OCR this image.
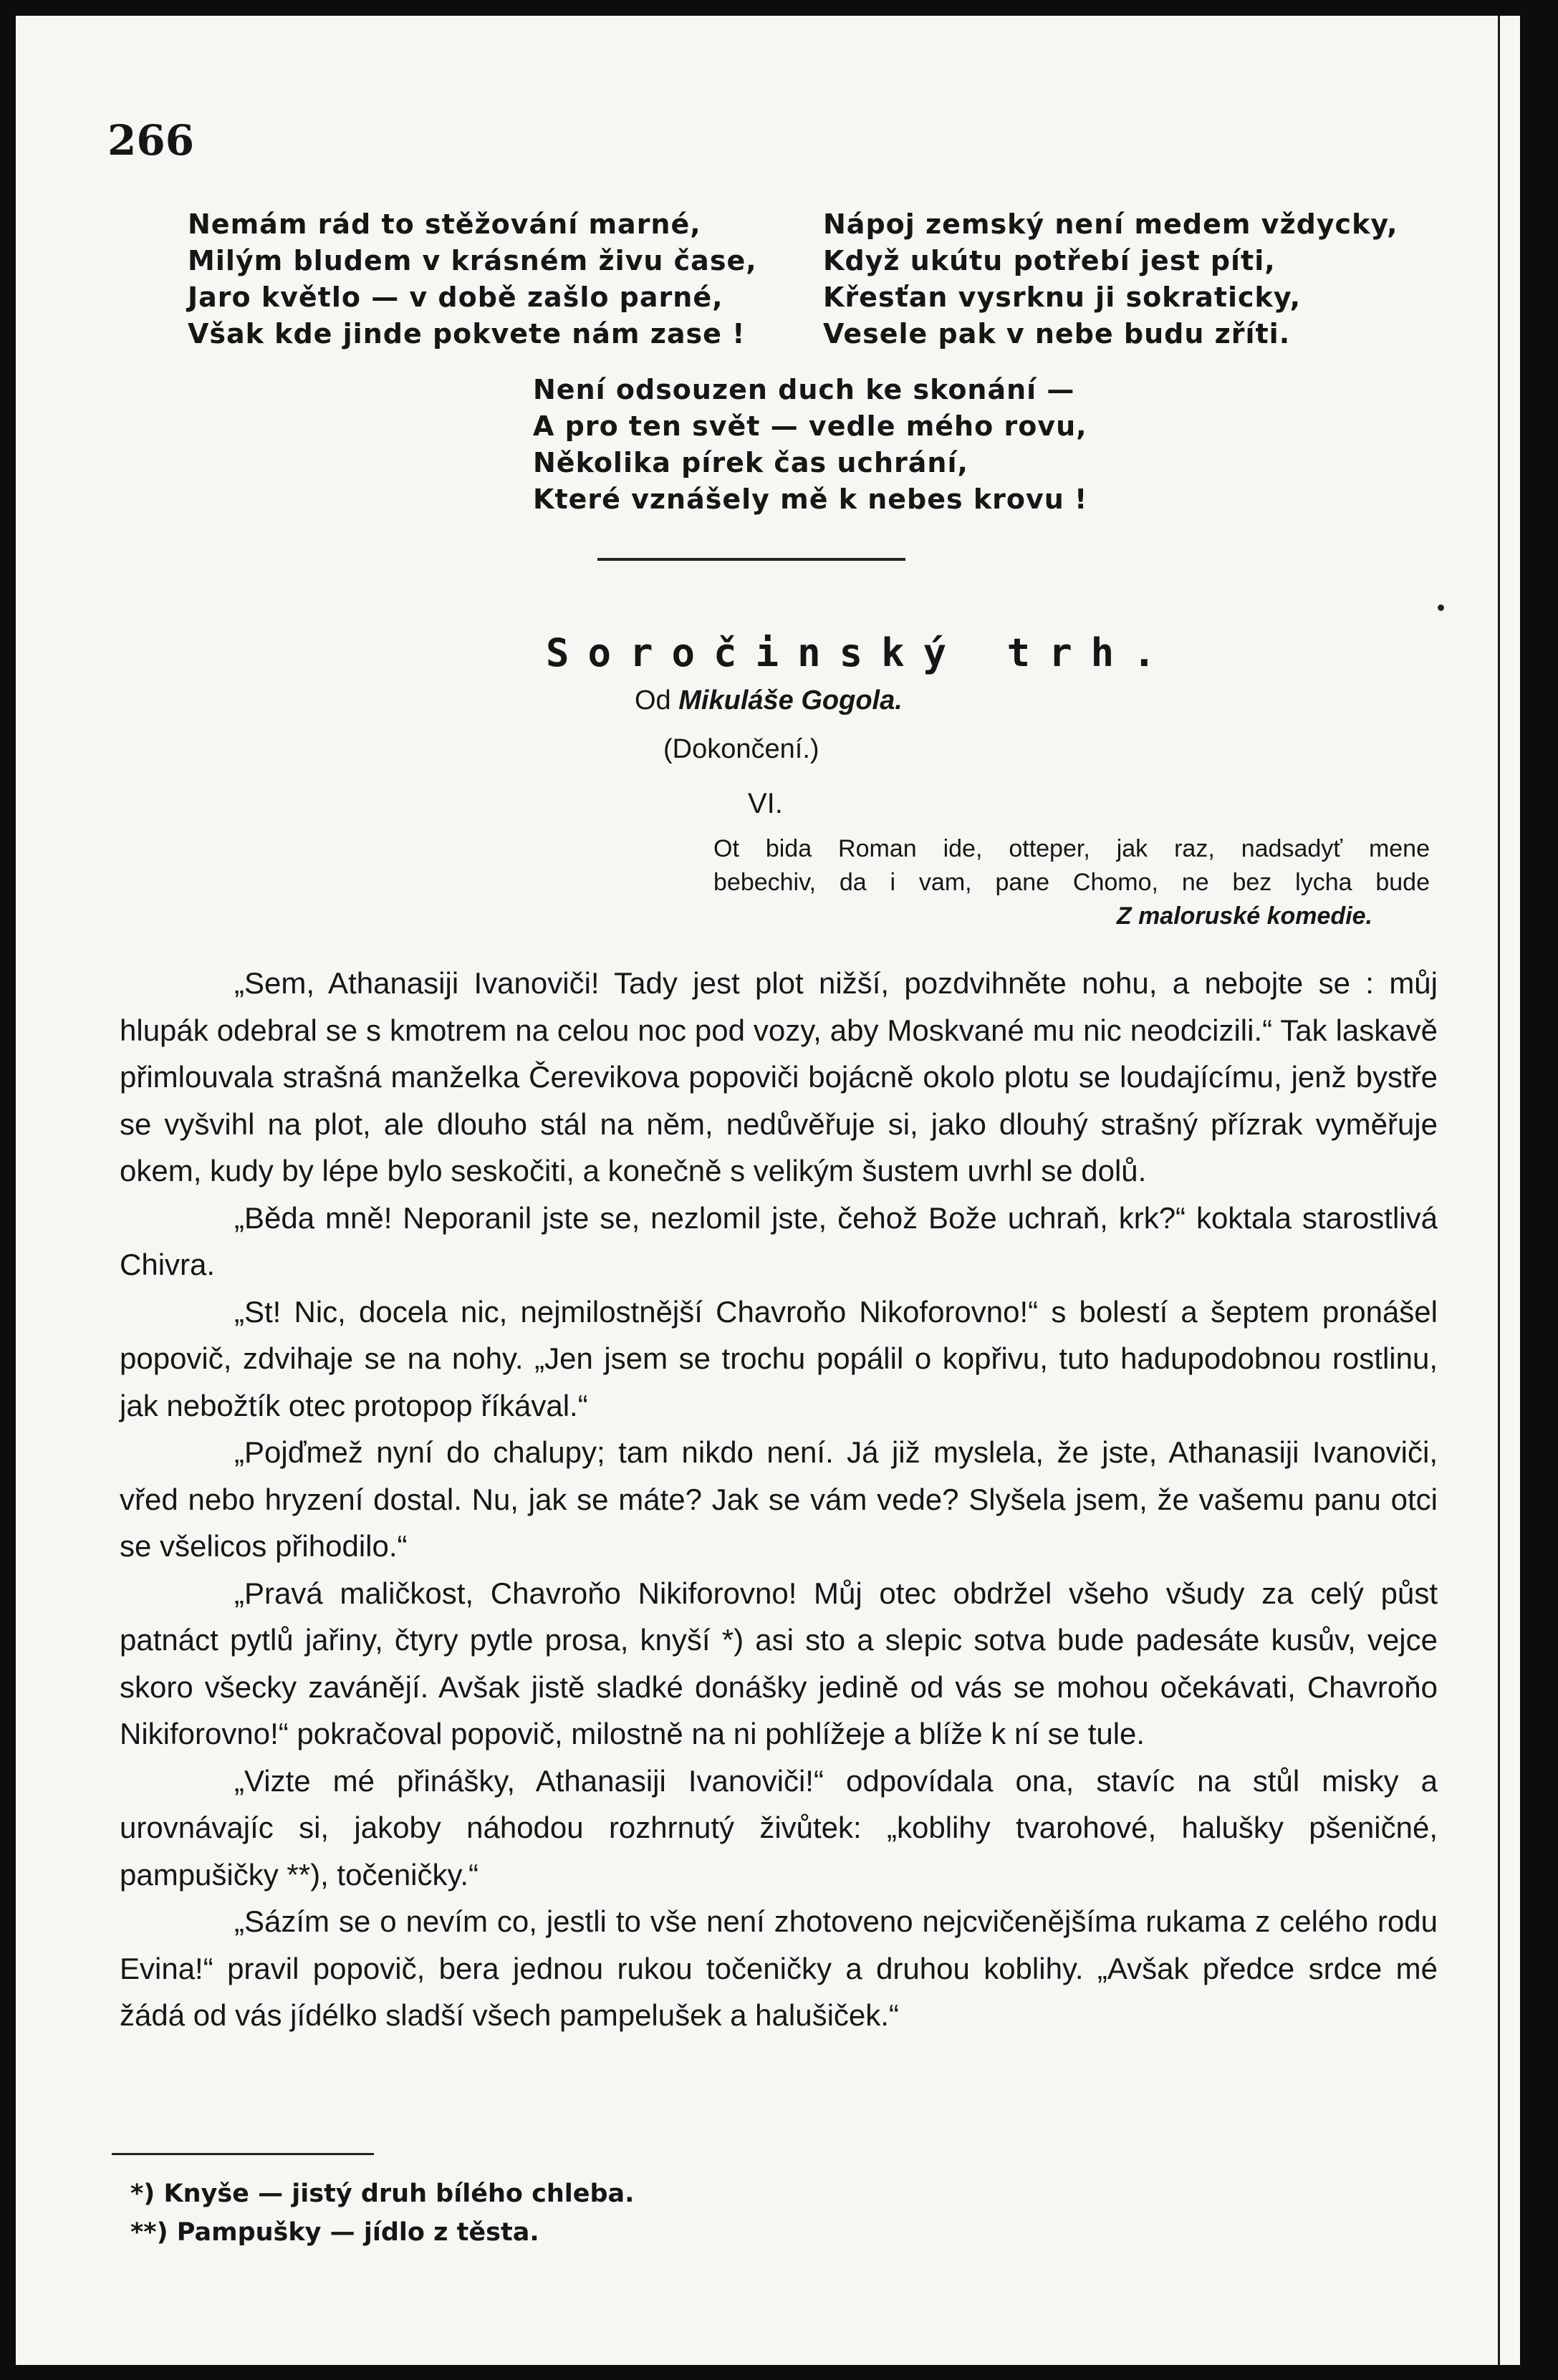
266
Nemám rád to stěžování marné,
Milým bludem v krásném živu čase,
Jaro květlo — v době zašlo parné,
Však kde jinde pokvete nám zase !
Nápoj zemský není medem vždycky,
Když ukútu potřebí jest píti,
Křesťan vysrknu ji sokraticky,
Vesele pak v nebe budu zříti.
Není odsouzen duch ke skonání —
A pro ten svět — vedle mého rovu,
Několika pírek čas uchrání,
Které vznášely mě k nebes krovu !
Soročinský trh.
Od Mikuláše Gogola.
(Dokončení.)
VI.
Ot bida Roman ide, otteper, jak raz, nadsadyť mene
bebechiv, da i vam, pane Chomo, ne bez lycha bude
Z maloruské komedie.

„Sem, Athanasiji Ivanoviči! Tady jest plot nižší, pozdvihněte nohu, a nebojte se : můj hlupák odebral se s kmotrem na celou noc pod vozy, aby Moskvané mu nic neodcizili.“ Tak laskavě přimlouvala strašná manželka Čerevikova popoviči bojácně okolo plotu se loudajícímu, jenž bystře se vyšvihl na plot, ale dlouho stál na něm, nedůvěřuje si, jako dlouhý strašný přízrak vyměřuje okem, kudy by lépe bylo seskočiti, a konečně s velikým šustem uvrhl se dolů.

„Běda mně! Neporanil jste se, nezlomil jste, čehož Bože uchraň, krk?“ koktala starostlivá Chivra.

„St! Nic, docela nic, nejmilostnější Chavroňo Nikoforovno!“ s bolestí a šeptem pronášel popovič, zdvihaje se na nohy. „Jen jsem se trochu popálil o kopřivu, tuto hadupodobnou rostlinu, jak nebožtík otec protopop říkával.“

„Pojďmež nyní do chalupy; tam nikdo není. Já již myslela, že jste, Athanasiji Ivanoviči, vřed nebo hryzení dostal. Nu, jak se máte? Jak se vám vede? Slyšela jsem, že vašemu panu otci se všelicos přihodilo.“

„Pravá maličkost, Chavroňo Nikiforovno! Můj otec obdržel všeho všudy za celý půst patnáct pytlů jařiny, čtyry pytle prosa, knyší *) asi sto a slepic sotva bude padesáte kusův, vejce skoro všecky zavánějí. Avšak jistě sladké donášky jedině od vás se mohou očekávati, Chavroňo Nikiforovno!“ pokračoval popovič, milostně na ni pohlížeje a blíže k ní se tule.

„Vizte mé přinášky, Athanasiji Ivanoviči!“ odpovídala ona, stavíc na stůl misky a urovnávajíc si, jakoby náhodou rozhrnutý živůtek: „koblihy tvarohové, halušky pšeničné, pampušičky **), točeničky.“

„Sázím se o nevím co, jestli to vše není zhotoveno nejcvičenějšíma rukama z celého rodu Evina!“ pravil popovič, bera jednou rukou točeničky a druhou koblihy. „Avšak předce srdce mé žádá od vás jídélko sladší všech pampelušek a halušiček.“

*) Knyše — jistý druh bílého chleba.
**) Pampušky — jídlo z těsta.
